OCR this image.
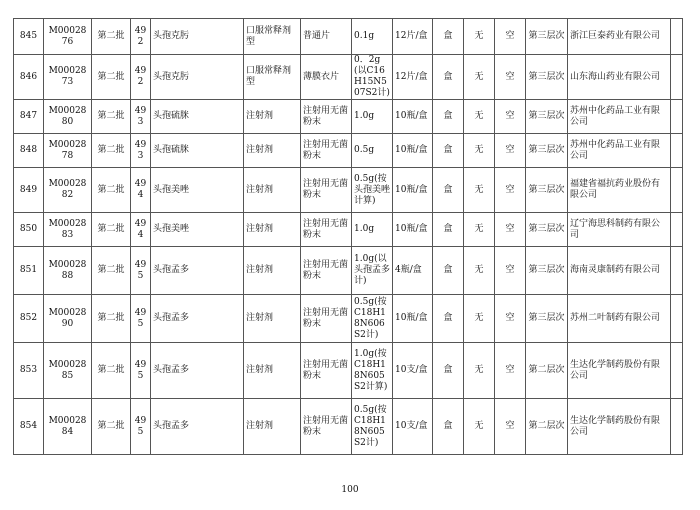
845	M0002876	第二批	492	头孢克肟	口服常释剂型	普通片	0.1g	12片/盒	盒	无	空	第三层次	浙江巨泰药业有限公司	
846	M0002873	第二批	492	头孢克肟	口服常释剂型	薄膜衣片	0．2g(以C16H15N507S2计)	12片/盒	盒	无	空	第三层次	山东海山药业有限公司	
847	M0002880	第二批	493	头孢硫脒	注射剂	注射用无菌粉末	1.0g	10瓶/盒	盒	无	空	第三层次	苏州中化药品工业有限公司	
848	M0002878	第二批	493	头孢硫脒	注射剂	注射用无菌粉末	0.5g	10瓶/盒	盒	无	空	第三层次	苏州中化药品工业有限公司	
849	M0002882	第二批	494	头孢美唑	注射剂	注射用无菌粉末	0.5g(按头孢美唑计算)	10瓶/盒	盒	无	空	第三层次	福建省福抗药业股份有限公司	
850	M0002883	第二批	494	头孢美唑	注射剂	注射用无菌粉末	1.0g	10瓶/盒	盒	无	空	第三层次	辽宁海思科制药有限公司	
851	M0002888	第二批	495	头孢孟多	注射剂	注射用无菌粉末	1.0g(以头孢孟多计)	4瓶/盒	盒	无	空	第三层次	海南灵康制药有限公司	
852	M0002890	第二批	495	头孢孟多	注射剂	注射用无菌粉末	0.5g(按C18H18N606S2计)	10瓶/盒	盒	无	空	第三层次	苏州二叶制药有限公司	
853	M0002885	第二批	495	头孢孟多	注射剂	注射用无菌粉末	1.0g(按C18H18N605S2计算)	10支/盒	盒	无	空	第二层次	生达化学制药股份有限公司	
854	M0002884	第二批	495	头孢孟多	注射剂	注射用无菌粉末	0.5g(按C18H18N605S2计)	10支/盒	盒	无	空	第二层次	生达化学制药股份有限公司	
100
